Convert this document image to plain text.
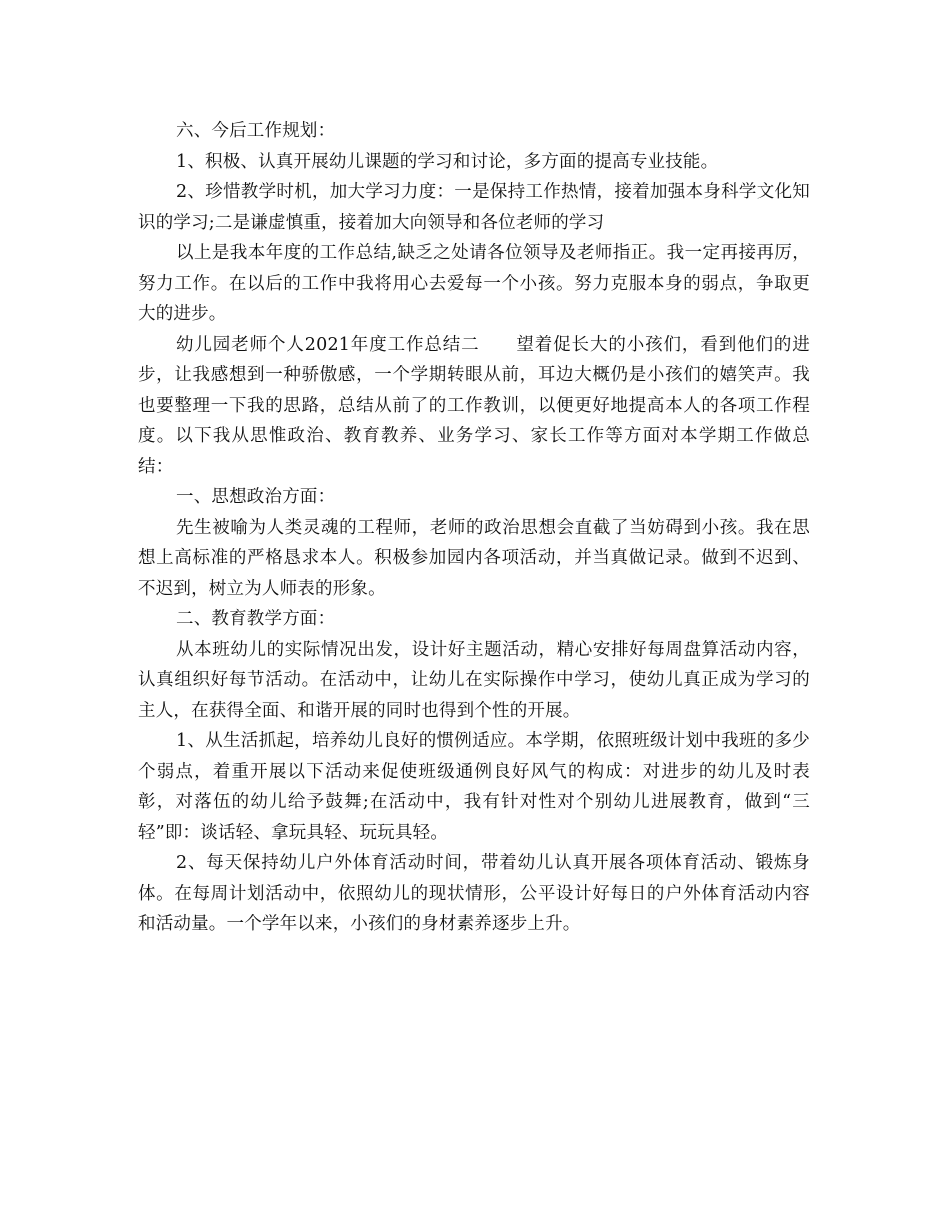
六、今后工作规划：

1、积极、认真开展幼儿课题的学习和讨论，多方面的提高专业技能。

2、珍惜教学时机，加大学习力度：一是保持工作热情，接着加强本身科学文化知识的学习;二是谦虚慎重，接着加大向领导和各位老师的学习

以上是我本年度的工作总结,缺乏之处请各位领导及老师指正。我一定再接再厉，努力工作。在以后的工作中我将用心去爱每一个小孩。努力克服本身的弱点，争取更大的进步。

幼儿园老师个人2021年度工作总结二　　望着促长大的小孩们，看到他们的进步，让我感想到一种骄傲感，一个学期转眼从前，耳边大概仍是小孩们的嬉笑声。我也要整理一下我的思路，总结从前了的工作教训，以便更好地提高本人的各项工作程度。以下我从思惟政治、教育教养、业务学习、家长工作等方面对本学期工作做总结：

一、思想政治方面：

先生被喻为人类灵魂的工程师，老师的政治思想会直截了当妨碍到小孩。我在思想上高标准的严格恳求本人。积极参加园内各项活动，并当真做记录。做到不迟到、不迟到，树立为人师表的形象。

二、教育教学方面：

从本班幼儿的实际情况出发，设计好主题活动，精心安排好每周盘算活动内容，认真组织好每节活动。在活动中，让幼儿在实际操作中学习，使幼儿真正成为学习的主人，在获得全面、和谐开展的同时也得到个性的开展。

1、从生活抓起，培养幼儿良好的惯例适应。本学期，依照班级计划中我班的多少个弱点，着重开展以下活动来促使班级通例良好风气的构成：对进步的幼儿及时表彰，对落伍的幼儿给予鼓舞;在活动中，我有针对性对个别幼儿进展教育，做到“三轻”即：谈话轻、拿玩具轻、玩玩具轻。

2、每天保持幼儿户外体育活动时间，带着幼儿认真开展各项体育活动、锻炼身体。在每周计划活动中，依照幼儿的现状情形，公平设计好每日的户外体育活动内容和活动量。一个学年以来，小孩们的身材素养逐步上升。
